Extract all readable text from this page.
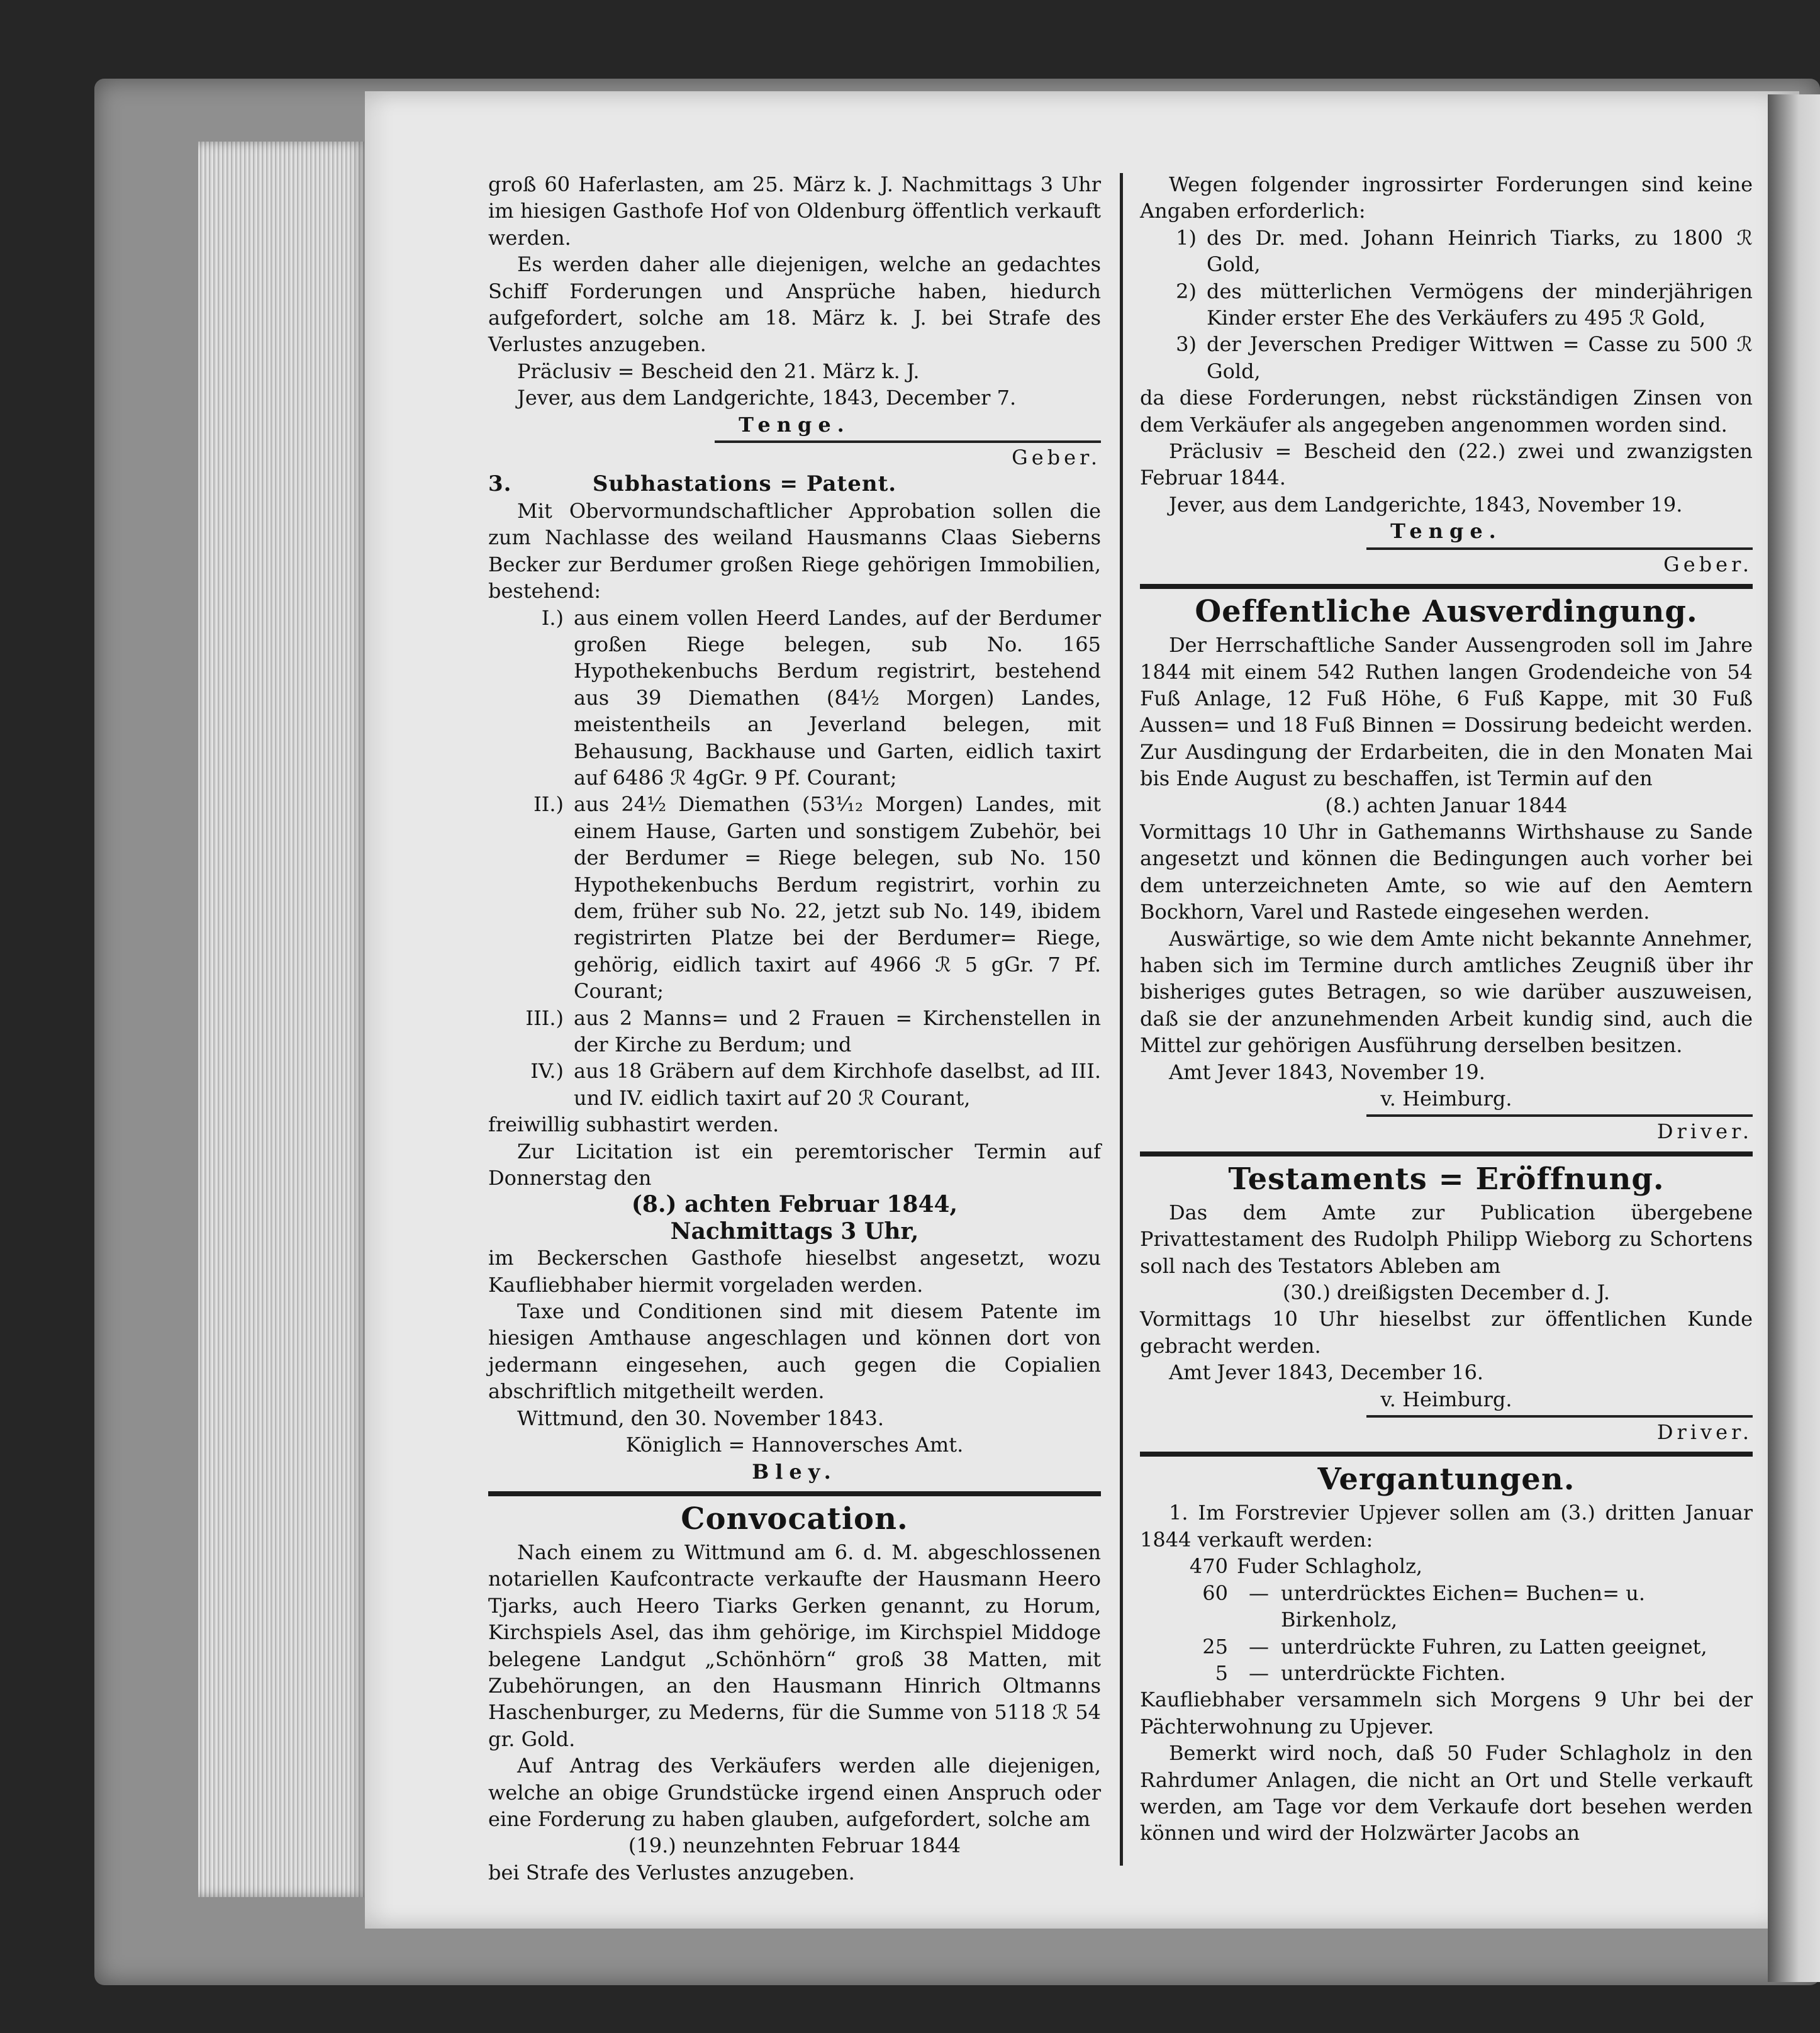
groß 60 Haferlasten, am 25. März k. J. Nachmittags 3 Uhr im hiesigen Gasthofe Hof von Oldenburg öffentlich verkauft werden.

Es werden daher alle diejenigen, welche an gedachtes Schiff Forderungen und Ansprüche haben, hiedurch aufgefordert, solche am 18. März k. J. bei Strafe des Verlustes anzugeben.

Präclusiv = Bescheid den 21. März k. J.

Jever, aus dem Landgerichte, 1843, December 7.

Tenge.

Geber.

3.          Subhastations = Patent.

Mit Obervormundschaftlicher Approbation sollen die zum Nachlasse des weiland Hausmanns Claas Sieberns Becker zur Berdumer großen Riege gehörigen Immobilien, bestehend:

I.) aus einem vollen Heerd Landes, auf der Berdumer großen Riege belegen, sub No. 165 Hypothekenbuchs Berdum registrirt, bestehend aus 39 Diemathen (84½ Morgen) Landes, meistentheils an Jeverland belegen, mit Behausung, Backhause und Garten, eidlich taxirt auf 6486 ℛ 4gGr. 9 Pf. Courant;
II.) aus 24½ Diemathen (53¹⁄₁₂ Morgen) Landes, mit einem Hause, Garten und sonstigem Zubehör, bei der Berdumer = Riege belegen, sub No. 150 Hypothekenbuchs Berdum registrirt, vorhin zu dem, früher sub No. 22, jetzt sub No. 149, ibidem registrirten Platze bei der Berdumer= Riege, gehörig, eidlich taxirt auf 4966 ℛ 5 gGr. 7 Pf. Courant;
III.) aus 2 Manns= und 2 Frauen = Kirchenstellen in der Kirche zu Berdum; und
IV.) aus 18 Gräbern auf dem Kirchhofe daselbst, ad III. und IV. eidlich taxirt auf 20 ℛ Courant,

freiwillig subhastirt werden.

Zur Licitation ist ein peremtorischer Termin auf Donnerstag den

(8.) achten Februar 1844,

Nachmittags 3 Uhr,

im Beckerschen Gasthofe hieselbst angesetzt, wozu Kaufliebhaber hiermit vorgeladen werden.

Taxe und Conditionen sind mit diesem Patente im hiesigen Amthause angeschlagen und können dort von jedermann eingesehen, auch gegen die Copialien abschriftlich mitgetheilt werden.

Wittmund, den 30. November 1843.

Königlich = Hannoversches Amt.

Bley.

Convocation.

Nach einem zu Wittmund am 6. d. M. abgeschlossenen notariellen Kaufcontracte verkaufte der Hausmann Heero Tjarks, auch Heero Tiarks Gerken genannt, zu Horum, Kirchspiels Asel, das ihm gehörige, im Kirchspiel Middoge belegene Landgut „Schönhörn“ groß 38 Matten, mit Zubehörungen, an den Hausmann Hinrich Oltmanns Haschenburger, zu Mederns, für die Summe von 5118 ℛ 54 gr. Gold.

Auf Antrag des Verkäufers werden alle diejenigen, welche an obige Grundstücke irgend einen Anspruch oder eine Forderung zu haben glauben, aufgefordert, solche am

(19.) neunzehnten Februar 1844

bei Strafe des Verlustes anzugeben.

Wegen folgender ingrossirter Forderungen sind keine Angaben erforderlich:

1) des Dr. med. Johann Heinrich Tiarks, zu 1800 ℛ Gold,
2) des mütterlichen Vermögens der minderjährigen Kinder erster Ehe des Verkäufers zu 495 ℛ Gold,
3) der Jeverschen Prediger Wittwen = Casse zu 500 ℛ Gold,

da diese Forderungen, nebst rückständigen Zinsen von dem Verkäufer als angegeben angenommen worden sind.

Präclusiv = Bescheid den (22.) zwei und zwanzigsten Februar 1844.

Jever, aus dem Landgerichte, 1843, November 19.

Tenge.

Geber.

Oeffentliche Ausverdingung.

Der Herrschaftliche Sander Aussengroden soll im Jahre 1844 mit einem 542 Ruthen langen Grodendeiche von 54 Fuß Anlage, 12 Fuß Höhe, 6 Fuß Kappe, mit 30 Fuß Aussen= und 18 Fuß Binnen = Dossirung bedeicht werden. Zur Ausdingung der Erdarbeiten, die in den Monaten Mai bis Ende August zu beschaffen, ist Termin auf den

(8.) achten Januar 1844

Vormittags 10 Uhr in Gathemanns Wirthshause zu Sande angesetzt und können die Bedingungen auch vorher bei dem unterzeichneten Amte, so wie auf den Aemtern Bockhorn, Varel und Rastede eingesehen werden.

Auswärtige, so wie dem Amte nicht bekannte Annehmer, haben sich im Termine durch amtliches Zeugniß über ihr bisheriges gutes Betragen, so wie darüber auszuweisen, daß sie der anzunehmenden Arbeit kundig sind, auch die Mittel zur gehörigen Ausführung derselben besitzen.

Amt Jever 1843, November 19.

v. Heimburg.

Driver.

Testaments = Eröffnung.

Das dem Amte zur Publication übergebene Privattestament des Rudolph Philipp Wieborg zu Schortens soll nach des Testators Ableben am

(30.) dreißigsten December d. J.

Vormittags 10 Uhr hieselbst zur öffentlichen Kunde gebracht werden.

Amt Jever 1843, December 16.

v. Heimburg.

Driver.

Vergantungen.

1. Im Forstrevier Upjever sollen am (3.) dritten Januar 1844 verkauft werden:

470 Fuder Schlagholz,
60	— unterdrücktes Eichen= Buchen= u. Birkenholz,
25	— unterdrückte Fuhren, zu Latten geeignet,
5	— unterdrückte Fichten.

Kaufliebhaber versammeln sich Morgens 9 Uhr bei der Pächterwohnung zu Upjever.

Bemerkt wird noch, daß 50 Fuder Schlagholz in den Rahrdumer Anlagen, die nicht an Ort und Stelle verkauft werden, am Tage vor dem Verkaufe dort besehen werden können und wird der Holzwärter Jacobs an
